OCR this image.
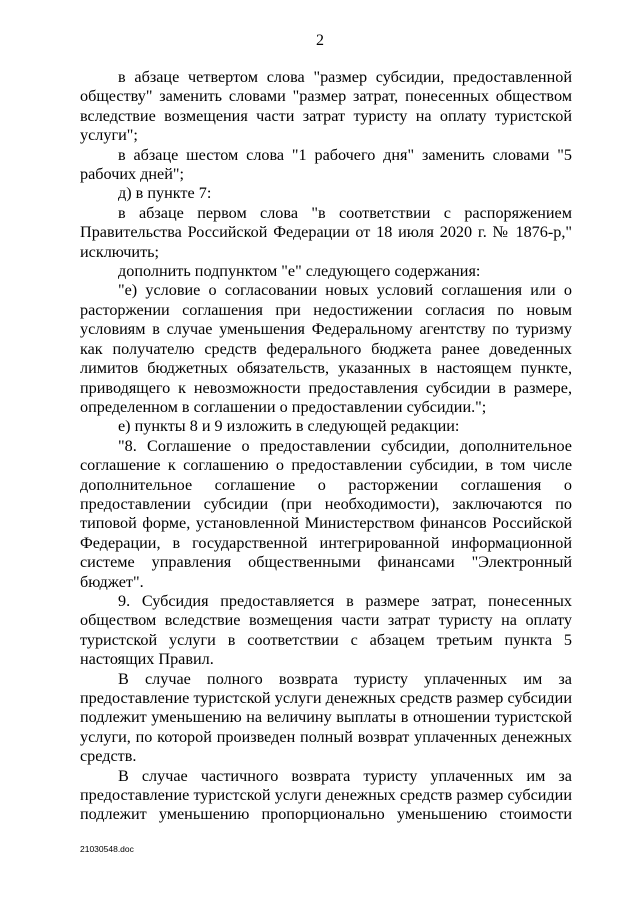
2

в абзаце четвертом слова "размер субсидии, предоставленной обществу" заменить словами "размер затрат, понесенных обществом вследствие возмещения части затрат туристу на оплату туристской услуги";

в абзаце шестом слова "1 рабочего дня" заменить словами "5 рабочих дней";

д) в пункте 7:

в абзаце первом слова "в соответствии с распоряжением Правительства Российской Федерации от 18 июля 2020 г. № 1876-р," исключить;

дополнить подпунктом "е" следующего содержания:

"е) условие о согласовании новых условий соглашения или о расторжении соглашения при недостижении согласия по новым условиям в случае уменьшения Федеральному агентству по туризму как получателю средств федерального бюджета ранее доведенных лимитов бюджетных обязательств, указанных в настоящем пункте, приводящего к невозможности предоставления субсидии в размере, определенном в соглашении о предоставлении субсидии.";

е) пункты 8 и 9 изложить в следующей редакции:

"8. Соглашение о предоставлении субсидии, дополнительное соглашение к соглашению о предоставлении субсидии, в том числе дополнительное соглашение о расторжении соглашения о предоставлении субсидии (при необходимости), заключаются по типовой форме, установленной Министерством финансов Российской Федерации, в государственной интегрированной информационной системе управления общественными финансами "Электронный бюджет".

9. Субсидия предоставляется в размере затрат, понесенных обществом вследствие возмещения части затрат туристу на оплату туристской услуги в соответствии с абзацем третьим пункта 5 настоящих Правил.

В случае полного возврата туристу уплаченных им за предоставление туристской услуги денежных средств размер субсидии подлежит уменьшению на величину выплаты в отношении туристской услуги, по которой произведен полный возврат уплаченных денежных средств.

В случае частичного возврата туристу уплаченных им за предоставление туристской услуги денежных средств размер субсидии подлежит уменьшению пропорционально уменьшению стоимости

21030548.doc
